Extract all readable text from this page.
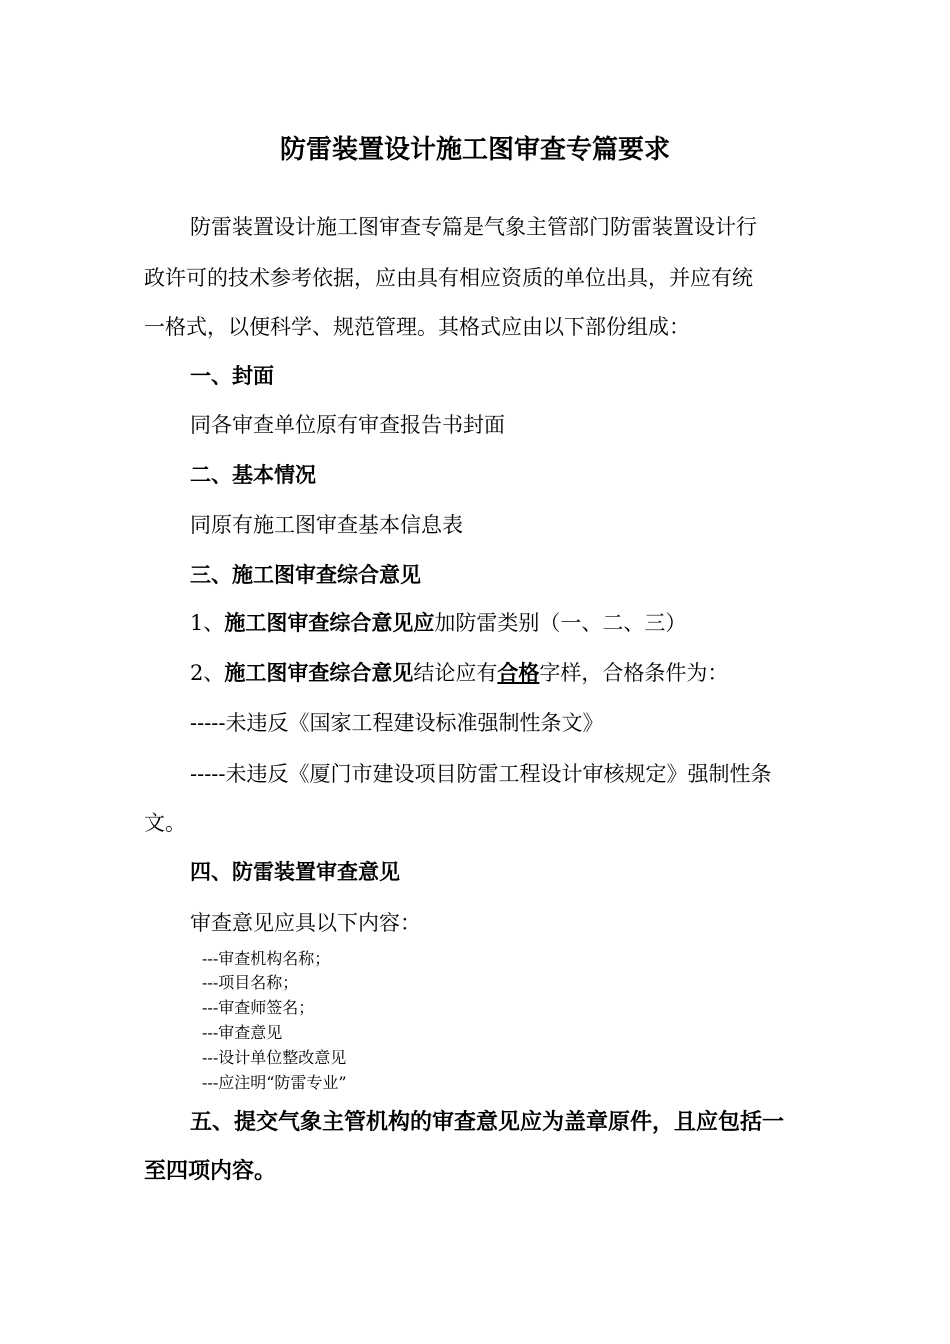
防雷装置设计施工图审查专篇要求

防雷装置设计施工图审查专篇是气象主管部门防雷装置设计行

政许可的技术参考依据，应由具有相应资质的单位出具，并应有统

一格式，以便科学、规范管理。其格式应由以下部份组成：

一、封面

同各审查单位原有审查报告书封面

二、基本情况

同原有施工图审查基本信息表

三、施工图审查综合意见

1、施工图审查综合意见应加防雷类别（一、二、三）

2、施工图审查综合意见结论应有合格字样，合格条件为：

-----未违反《国家工程建设标准强制性条文》

-----未违反《厦门市建设项目防雷工程设计审核规定》强制性条

文。

四、防雷装置审查意见

审查意见应具以下内容：

---审查机构名称；

---项目名称；

---审查师签名；

---审查意见

---设计单位整改意见

---应注明“防雷专业”

五、提交气象主管机构的审查意见应为盖章原件，且应包括一

至四项内容。
